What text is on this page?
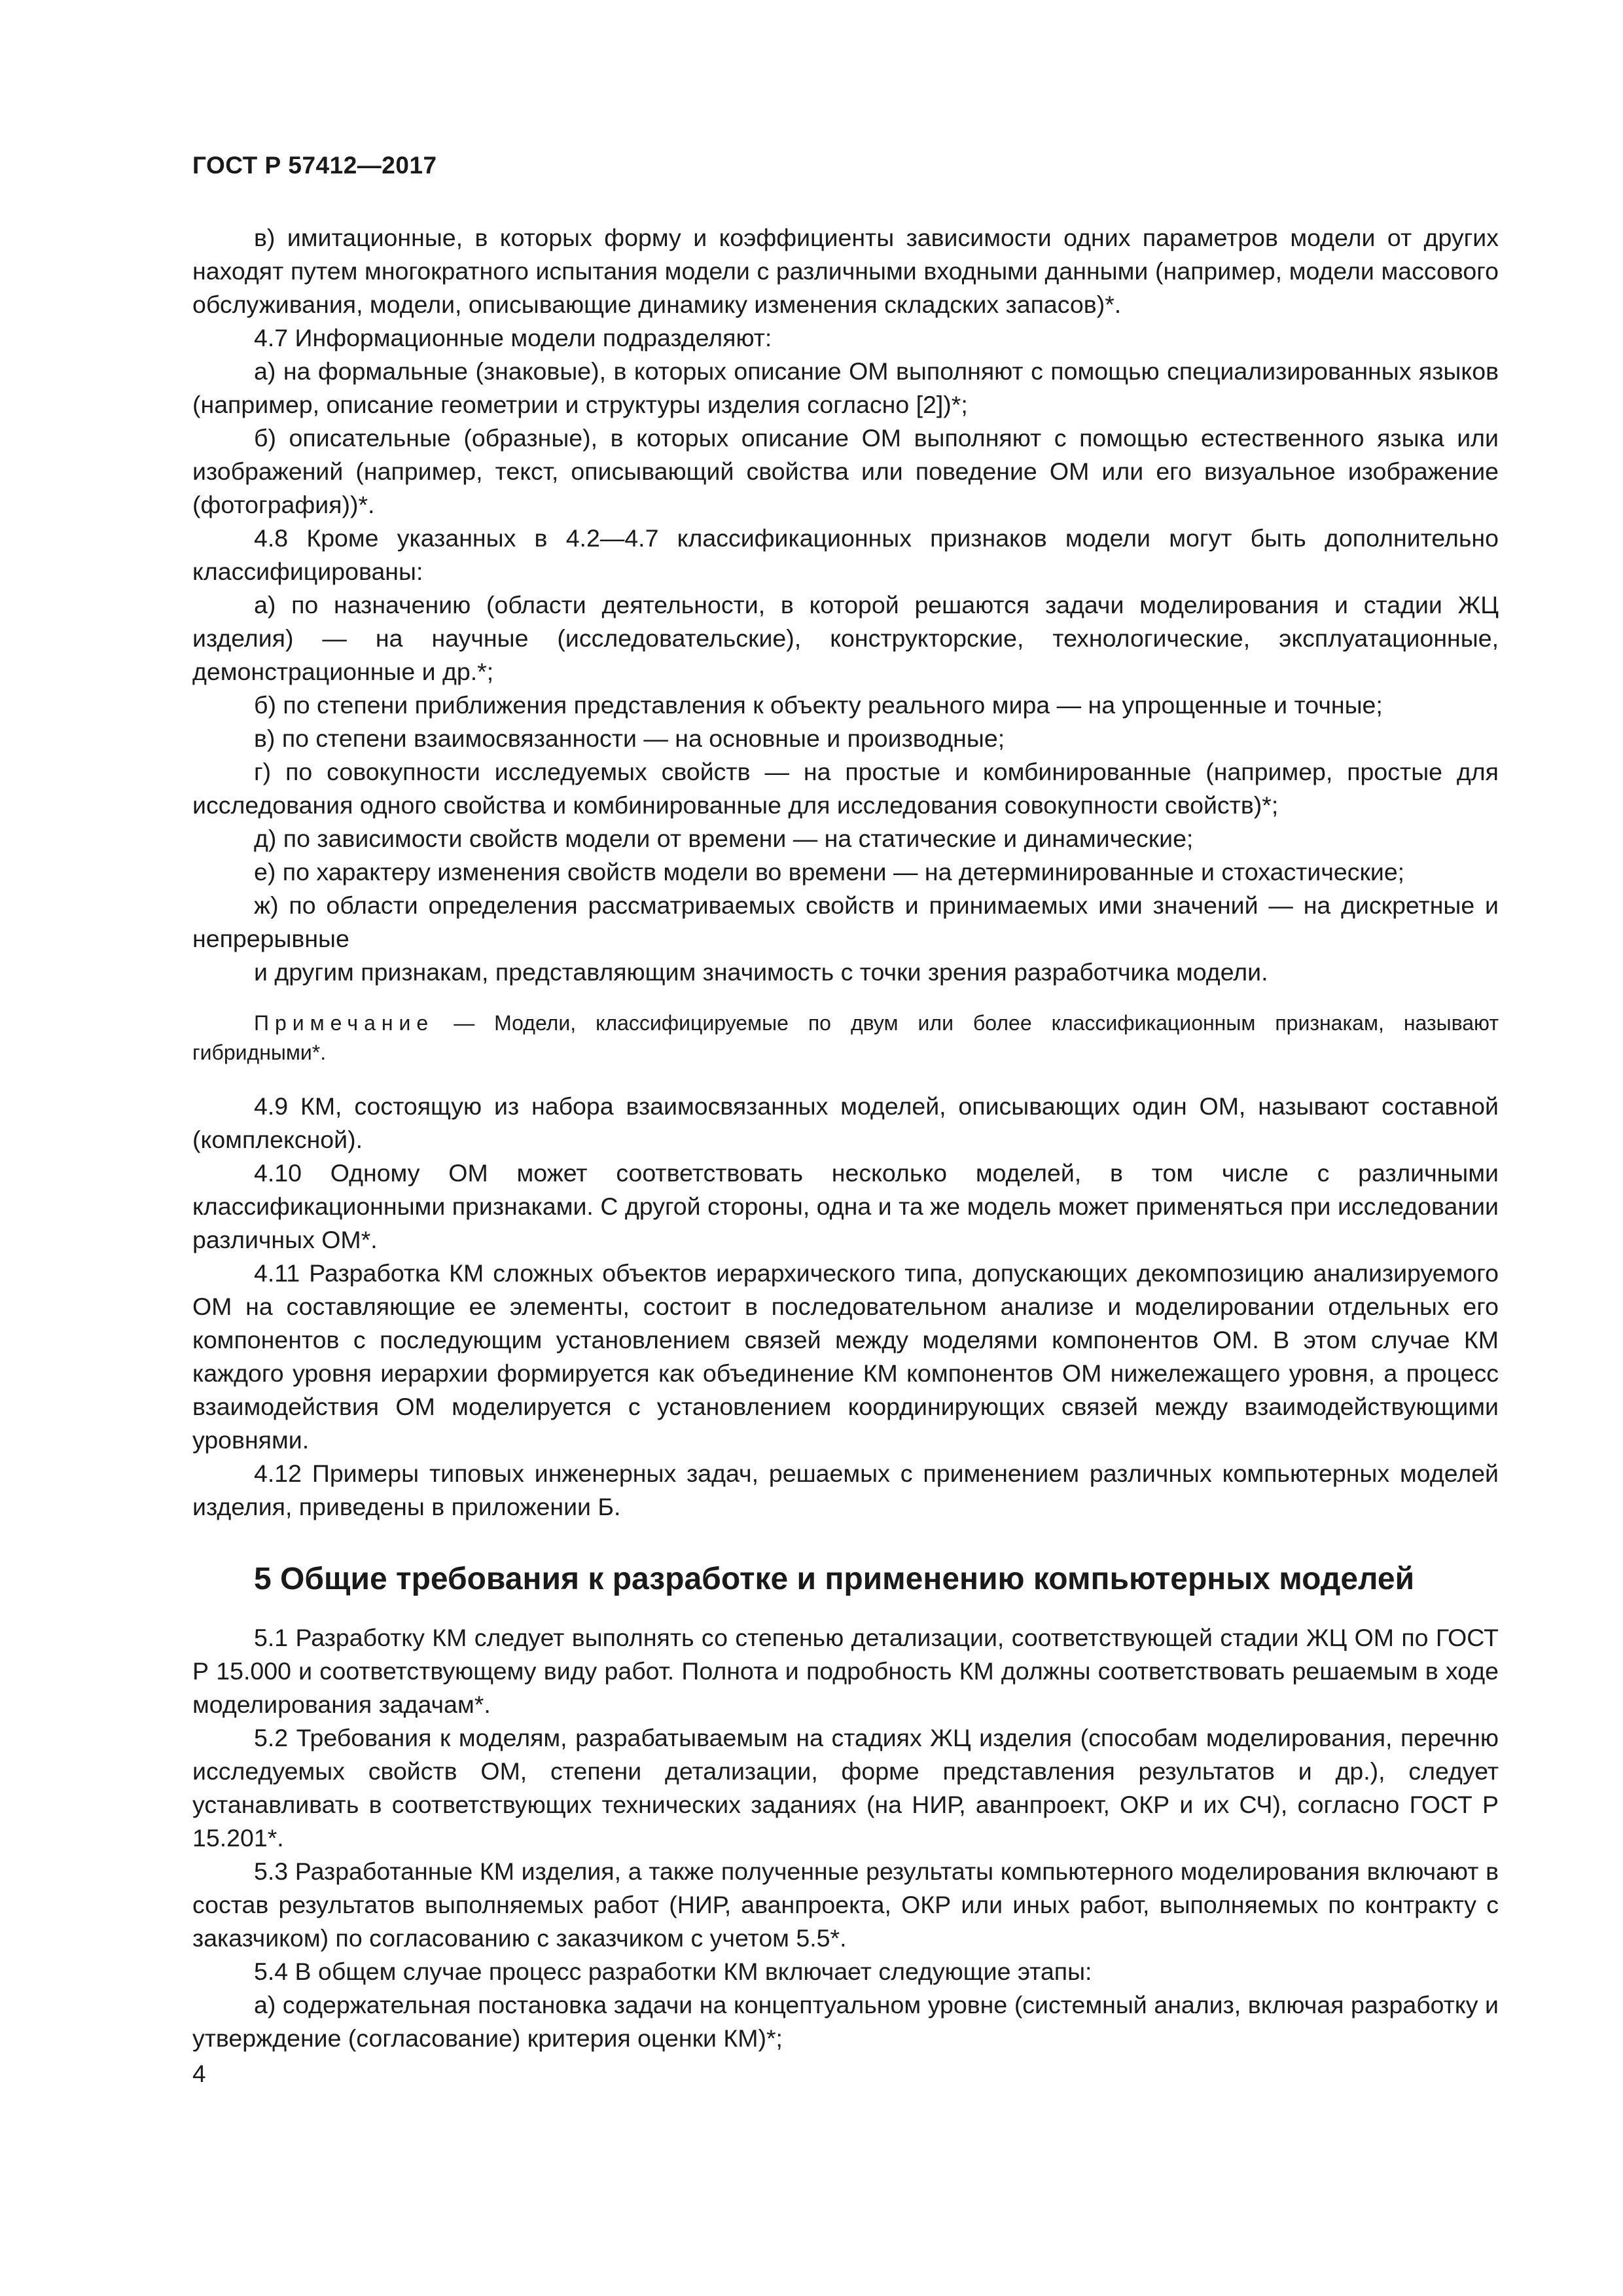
ГОСТ Р 57412—2017

в) имитационные, в которых форму и коэффициенты зависимости одних параметров модели от других находят путем многократного испытания модели с различными входными данными (например, модели массового обслуживания, модели, описывающие динамику изменения складских запасов)*.

4.7 Информационные модели подразделяют:

а) на формальные (знаковые), в которых описание ОМ выполняют с помощью специализированных языков (например, описание геометрии и структуры изделия согласно [2])*;

б) описательные (образные), в которых описание ОМ выполняют с помощью естественного языка или изображений (например, текст, описывающий свойства или поведение ОМ или его визуальное изображение (фотография))*.

4.8 Кроме указанных в 4.2—4.7 классификационных признаков модели могут быть дополнительно классифицированы:

а) по назначению (области деятельности, в которой решаются задачи моделирования и стадии ЖЦ изделия) — на научные (исследовательские), конструкторские, технологические, эксплуатационные, демонстрационные и др.*;

б) по степени приближения представления к объекту реального мира — на упрощенные и точные;

в) по степени взаимосвязанности — на основные и производные;

г) по совокупности исследуемых свойств — на простые и комбинированные (например, простые для исследования одного свойства и комбинированные для исследования совокупности свойств)*;

д) по зависимости свойств модели от времени — на статические и динамические;

е) по характеру изменения свойств модели во времени — на детерминированные и стохастические;

ж) по области определения рассматриваемых свойств и принимаемых ими значений — на дискретные и непрерывные

и другим признакам, представляющим значимость с точки зрения разработчика модели.

Примечание — Модели, классифицируемые по двум или более классификационным признакам, называют гибридными*.

4.9 КМ, состоящую из набора взаимосвязанных моделей, описывающих один ОМ, называют составной (комплексной).

4.10 Одному ОМ может соответствовать несколько моделей, в том числе с различными классификационными признаками. С другой стороны, одна и та же модель может применяться при исследовании различных ОМ*.

4.11 Разработка КМ сложных объектов иерархического типа, допускающих декомпозицию анализируемого ОМ на составляющие ее элементы, состоит в последовательном анализе и моделировании отдельных его компонентов с последующим установлением связей между моделями компонентов ОМ. В этом случае КМ каждого уровня иерархии формируется как объединение КМ компонентов ОМ нижележащего уровня, а процесс взаимодействия ОМ моделируется с установлением координирующих связей между взаимодействующими уровнями.

4.12 Примеры типовых инженерных задач, решаемых с применением различных компьютерных моделей изделия, приведены в приложении Б.

5 Общие требования к разработке и применению компьютерных моделей

5.1 Разработку КМ следует выполнять со степенью детализации, соответствующей стадии ЖЦ ОМ по ГОСТ Р 15.000 и соответствующему виду работ. Полнота и подробность КМ должны соответствовать решаемым в ходе моделирования задачам*.

5.2 Требования к моделям, разрабатываемым на стадиях ЖЦ изделия (способам моделирования, перечню исследуемых свойств ОМ, степени детализации, форме представления результатов и др.), следует устанавливать в соответствующих технических заданиях (на НИР, аванпроект, ОКР и их СЧ), согласно ГОСТ Р 15.201*.

5.3 Разработанные КМ изделия, а также полученные результаты компьютерного моделирования включают в состав результатов выполняемых работ (НИР, аванпроекта, ОКР или иных работ, выполняемых по контракту с заказчиком) по согласованию с заказчиком с учетом 5.5*.

5.4 В общем случае процесс разработки КМ включает следующие этапы:

а) содержательная постановка задачи на концептуальном уровне (системный анализ, включая разработку и утверждение (согласование) критерия оценки КМ)*;

4
